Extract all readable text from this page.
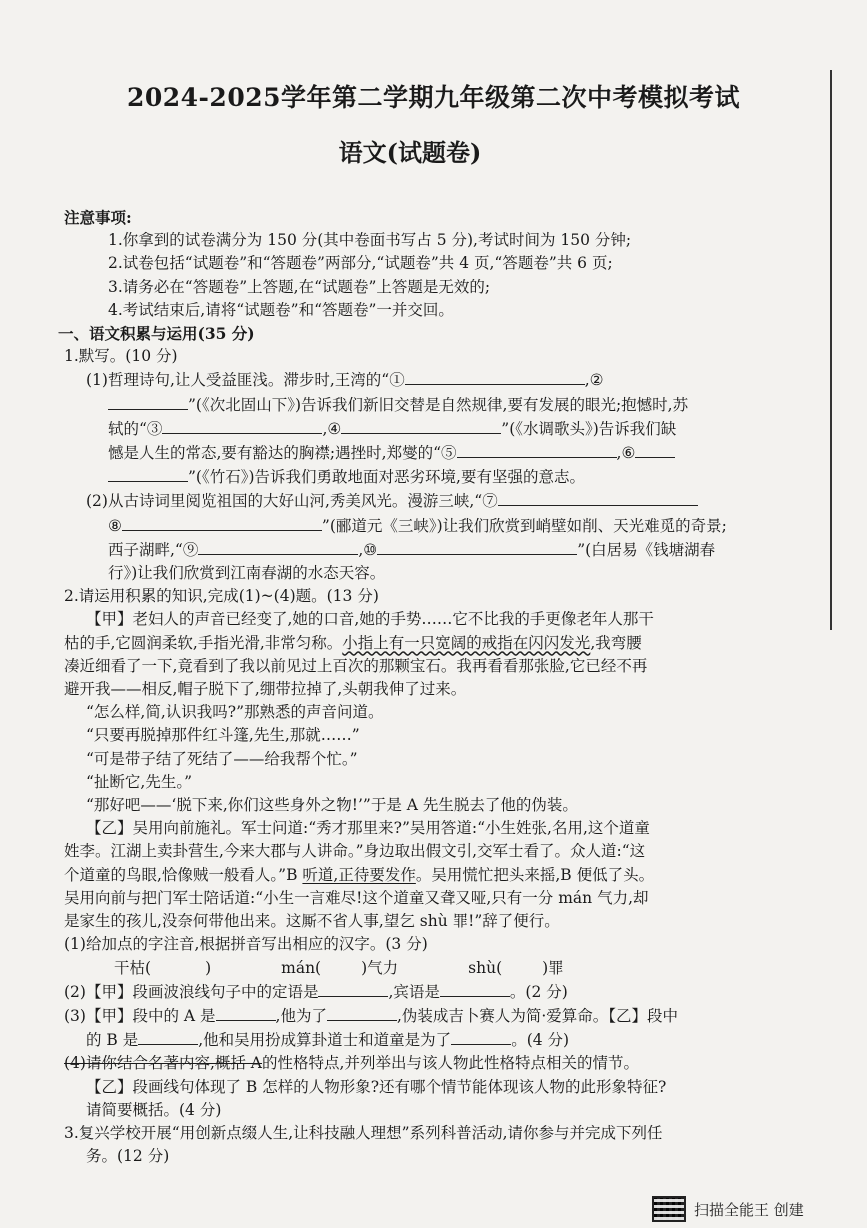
2024-2025学年第二学期九年级第二次中考模拟考试
语文(试题卷)

注意事项:

1.你拿到的试卷满分为 150 分(其中卷面书写占 5 分),考试时间为 150 分钟;

2.试卷包括“试题卷”和“答题卷”两部分,“试题卷”共 4 页,“答题卷”共 6 页;

3.请务必在“答题卷”上答题,在“试题卷”上答题是无效的;

4.考试结束后,请将“试题卷”和“答题卷”一并交回。

一、语文积累与运用(35 分)

1.默写。(10 分)

(1)哲理诗句,让人受益匪浅。滞步时,王湾的“①	,②

”(《次北固山下》)告诉我们新旧交替是自然规律,要有发展的眼光;抱憾时,苏

轼的“③	,④	”(《水调歌头》)告诉我们缺

憾是人生的常态,要有豁达的胸襟;遇挫时,郑燮的“⑤	,⑥

”(《竹石》)告诉我们勇敢地面对恶劣环境,要有坚强的意志。

(2)从古诗词里阅览祖国的大好山河,秀美风光。漫游三峡,“⑦

⑧	”(郦道元《三峡》)让我们欣赏到峭壁如削、天光难觅的奇景;

西子湖畔,“⑨	,⑩	”(白居易《钱塘湖春

行》)让我们欣赏到江南春湖的水态天容。

2.请运用积累的知识,完成(1)~(4)题。(13 分)

【甲】老妇人的声音已经变了,她的口音,她的手势……它不比我的手更像老年人那干

枯的手,它圆润柔软,手指光滑,非常匀称。小指上有一只宽阔的戒指在闪闪发光,我弯腰

凑近细看了一下,竟看到了我以前见过上百次的那颗宝石。我再看看那张脸,它已经不再

避开我——相反,帽子脱下了,绷带拉掉了,头朝我伸了过来。

“怎么样,简,认识我吗?”那熟悉的声音问道。

“只要再脱掉那件红斗篷,先生,那就……”

“可是带子结了死结了——给我帮个忙。”

“扯断它,先生。”

“那好吧——‘脱下来,你们这些身外之物!’”于是 A 先生脱去了他的伪装。

【乙】吴用向前施礼。军士问道:“秀才那里来?”吴用答道:“小生姓张,名用,这个道童

姓李。江湖上卖卦营生,今来大郡与人讲命。”身边取出假文引,交军士看了。众人道:“这

个道童的鸟眼,恰像贼一般看人。”B 听道,正待要发作。吴用慌忙把头来摇,B 便低了头。

吴用向前与把门军士陪话道:“小生一言难尽!这个道童又聋又哑,只有一分 mán 气力,却

是家生的孩儿,没奈何带他出来。这厮不省人事,望乞 shù 罪!”辞了便行。

(1)给加点的字注音,根据拼音写出相应的汉字。(3 分)

干枯(	)	mán(	)气力	shù(	)罪

(2)【甲】段画波浪线句子中的定语是	,宾语是	。(2 分)

(3)【甲】段中的 A 是	,他为了	,伪装成吉卜赛人为简·爱算命。【乙】段中

的 B 是	,他和吴用扮成算卦道士和道童是为了	。(4 分)

(4)请你结合名著内容,概括 A的性格特点,并列举出与该人物此性格特点相关的情节。

【乙】段画线句体现了 B 怎样的人物形象?还有哪个情节能体现该人物的此形象特征?

请简要概括。(4 分)

3.复兴学校开展“用创新点缀人生,让科技融人理想”系列科普活动,请你参与并完成下列任

务。(12 分)

扫描全能王 创建
